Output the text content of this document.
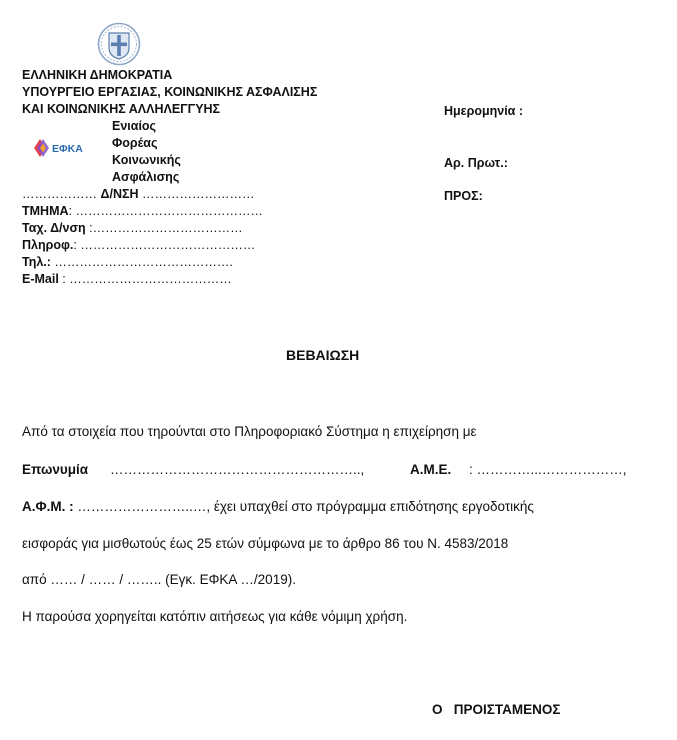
ΕΛΛΗΝΙΚΗ ΔΗΜΟΚΡΑΤΙΑ
ΥΠΟΥΡΓΕΙΟ ΕΡΓΑΣΙΑΣ, ΚΟΙΝΩΝΙΚΗΣ ΑΣΦΑΛΙΣΗΣ
ΚΑΙ ΚΟΙΝΩΝΙΚΗΣ ΑΛΛΗΛΕΓΓΥΗΣ
ΕΦΚΑ
Ενιαίος
Φορέας
Κοινωνικής
Ασφάλισης
……………… Δ/ΝΣΗ ………………………
ΤΜΗΜΑ: ………………………………………
Ταχ. Δ/νση :………………………………
Πληροφ.: ……………………………………
Τηλ.: …………………………………….
E-Mail : …………………………………
Ημερομηνία :
Αρ. Πρωτ.:
ΠΡΟΣ:
ΒΕΒΑΙΩΣΗ
Από τα στοιχεία που τηρούνται στο Πληροφοριακό Σύστημα η επιχείρηση με
Επωνυμία ………………………………………………..,	Α.Μ.Ε. : …………...………………,
Α.Φ.Μ. : ……………………..…, έχει υπαχθεί στο πρόγραμμα επιδότησης εργοδοτικής
εισφοράς για μισθωτούς έως 25 ετών σύμφωνα με το άρθρο 86 του Ν. 4583/2018
από …… / …… / …….. (Εγκ. ΕΦΚΑ …/2019).
Η παρούσα χορηγείται κατόπιν αιτήσεως για κάθε νόμιμη χρήση.
Ο   ΠΡΟΙΣΤΑΜΕΝΟΣ
